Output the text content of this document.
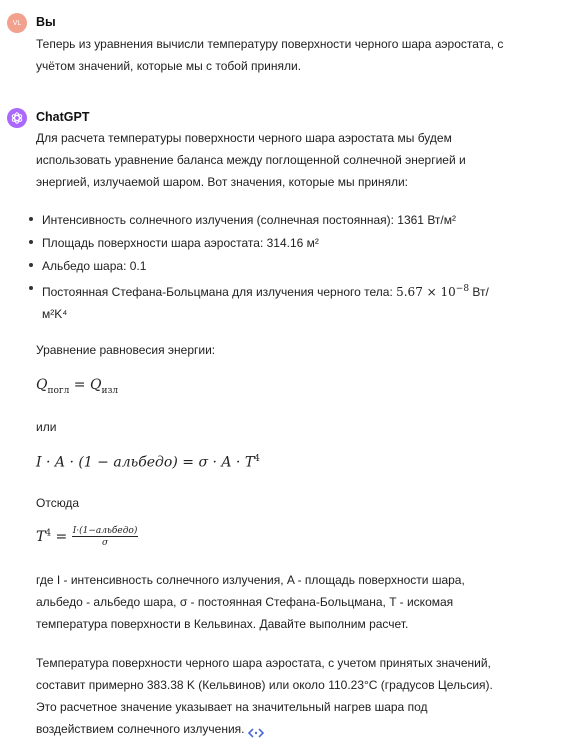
VL Вы
Теперь из уравнения вычисли температуру поверхности черного шара аэростата, с
учётом значений, которые мы с тобой приняли.
ChatGPT
Для расчета температуры поверхности черного шара аэростата мы будем
использовать уравнение баланса между поглощенной солнечной энергией и
энергией, излучаемой шаром. Вот значения, которые мы приняли:
Интенсивность солнечного излучения (солнечная постоянная): 1361 Вт/м²
Площадь поверхности шара аэростата: 314.16 м²
Альбедо шара: 0.1
Постоянная Стефана-Больцмана для излучения черного тела: $5.67 \times 10^{-8}$ Вт/
м²K⁴
Уравнение равновесия энергии:
$Q_{погл} = Q_{изл}$
или
I · A · (1 − альбедо) = $\sigma \cdot A \cdot T^4$
Отсюда
$T^4 = \frac{\text{I·(1−альбедо)}}{\sigma}$
где I - интенсивность солнечного излучения, A - площадь поверхности шара,
альбедо - альбедо шара, σ - постоянная Стефана-Больцмана, T - искомая
температура поверхности в Кельвинах. Давайте выполним расчет.
Температура поверхности черного шара аэростата, с учетом принятых значений,
составит примерно 383.38 K (Кельвинов) или около 110.23°C (градусов Цельсия).
Это расчетное значение указывает на значительный нагрев шара под
воздействием солнечного излучения.
